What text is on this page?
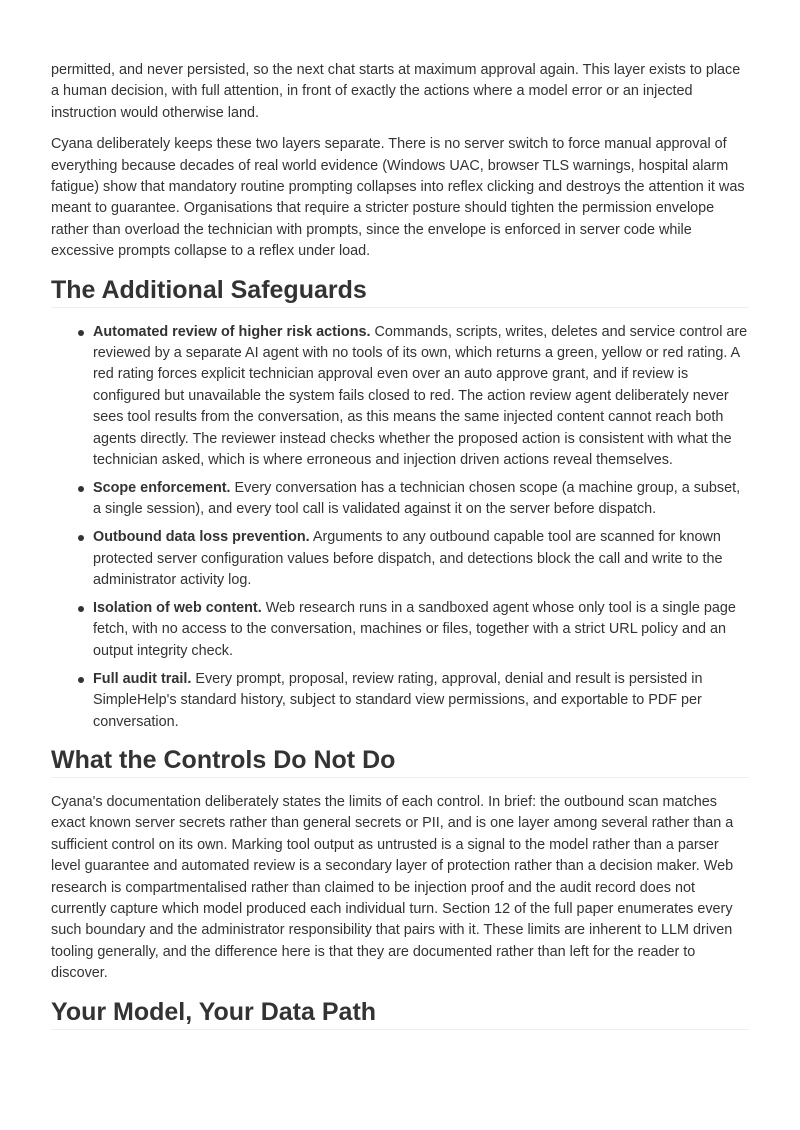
permitted, and never persisted, so the next chat starts at maximum approval again. This layer exists to place a human decision, with full attention, in front of exactly the actions where a model error or an injected instruction would otherwise land.

Cyana deliberately keeps these two layers separate. There is no server switch to force manual approval of everything because decades of real world evidence (Windows UAC, browser TLS warnings, hospital alarm fatigue) show that mandatory routine prompting collapses into reflex clicking and destroys the attention it was meant to guarantee. Organisations that require a stricter posture should tighten the permission envelope rather than overload the technician with prompts, since the envelope is enforced in server code while excessive prompts collapse to a reflex under load.

The Additional Safeguards
Automated review of higher risk actions. Commands, scripts, writes, deletes and service control are reviewed by a separate AI agent with no tools of its own, which returns a green, yellow or red rating. A red rating forces explicit technician approval even over an auto approve grant, and if review is configured but unavailable the system fails closed to red. The action review agent deliberately never sees tool results from the conversation, as this means the same injected content cannot reach both agents directly. The reviewer instead checks whether the proposed action is consistent with what the technician asked, which is where erroneous and injection driven actions reveal themselves.
Scope enforcement. Every conversation has a technician chosen scope (a machine group, a subset, a single session), and every tool call is validated against it on the server before dispatch.
Outbound data loss prevention. Arguments to any outbound capable tool are scanned for known protected server configuration values before dispatch, and detections block the call and write to the administrator activity log.
Isolation of web content. Web research runs in a sandboxed agent whose only tool is a single page fetch, with no access to the conversation, machines or files, together with a strict URL policy and an output integrity check.
Full audit trail. Every prompt, proposal, review rating, approval, denial and result is persisted in SimpleHelp's standard history, subject to standard view permissions, and exportable to PDF per conversation.
What the Controls Do Not Do

Cyana's documentation deliberately states the limits of each control. In brief: the outbound scan matches exact known server secrets rather than general secrets or PII, and is one layer among several rather than a sufficient control on its own. Marking tool output as untrusted is a signal to the model rather than a parser level guarantee and automated review is a secondary layer of protection rather than a decision maker. Web research is compartmentalised rather than claimed to be injection proof and the audit record does not currently capture which model produced each individual turn. Section 12 of the full paper enumerates every such boundary and the administrator responsibility that pairs with it. These limits are inherent to LLM driven tooling generally, and the difference here is that they are documented rather than left for the reader to discover.

Your Model, Your Data Path
